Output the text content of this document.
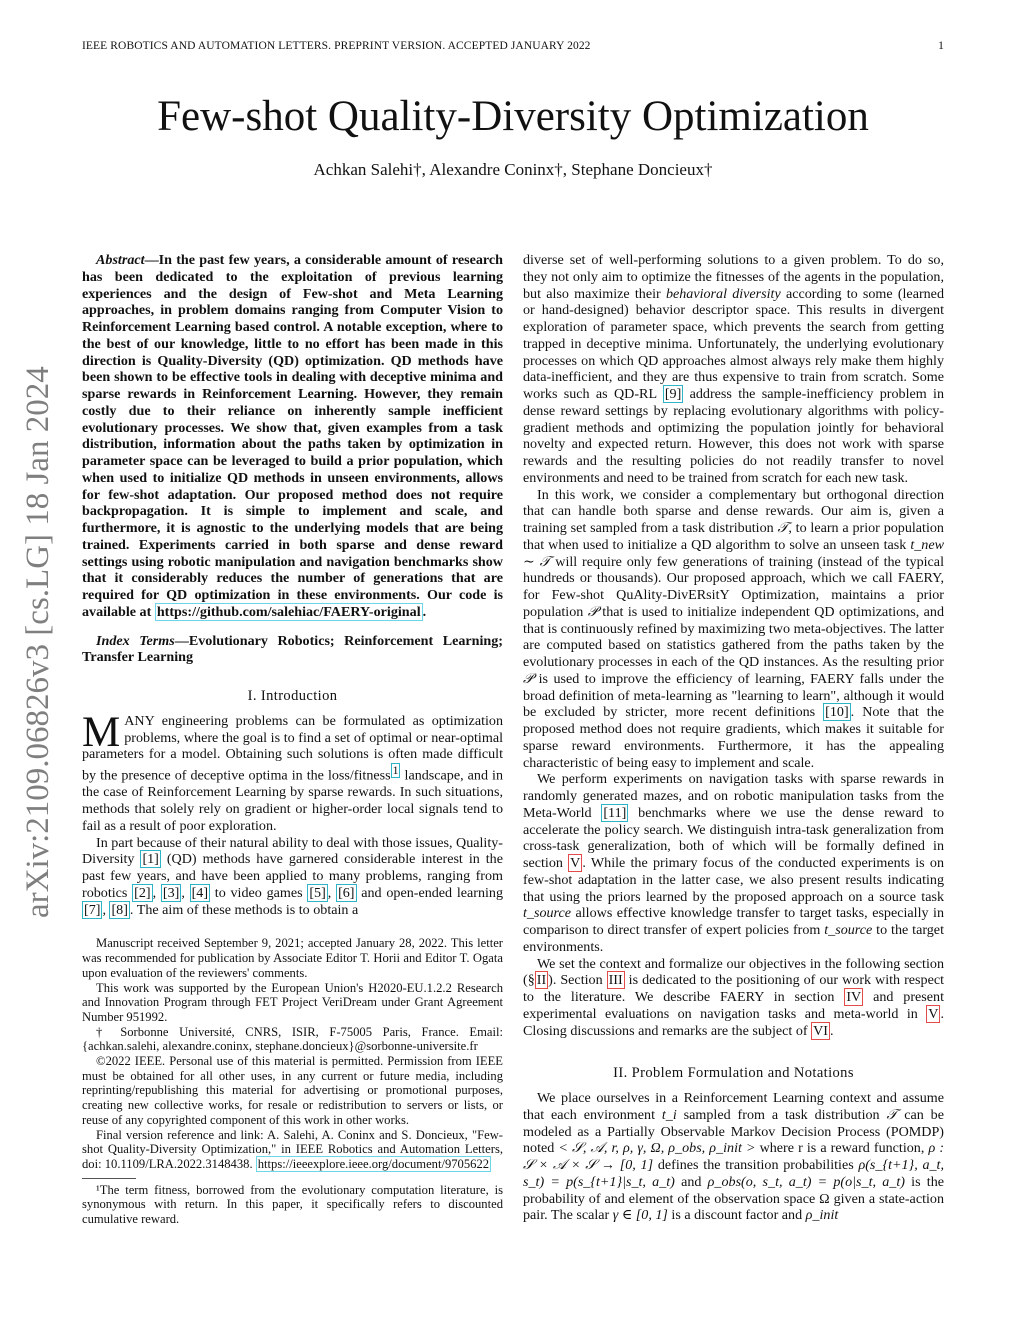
IEEE ROBOTICS AND AUTOMATION LETTERS. PREPRINT VERSION. ACCEPTED JANUARY 2022	1
arXiv:2109.06826v3 [cs.LG] 18 Jan 2024
Few-shot Quality-Diversity Optimization
Achkan Salehi†, Alexandre Coninx†, Stephane Doncieux†

Abstract—In the past few years, a considerable amount of research has been dedicated to the exploitation of previous learning experiences and the design of Few-shot and Meta Learning approaches, in problem domains ranging from Computer Vision to Reinforcement Learning based control. A notable exception, where to the best of our knowledge, little to no effort has been made in this direction is Quality-Diversity (QD) optimization. QD methods have been shown to be effective tools in dealing with deceptive minima and sparse rewards in Reinforcement Learning. However, they remain costly due to their reliance on inherently sample inefficient evolutionary processes. We show that, given examples from a task distribution, information about the paths taken by optimization in parameter space can be leveraged to build a prior population, which when used to initialize QD methods in unseen environments, allows for few-shot adaptation. Our proposed method does not require backpropagation. It is simple to implement and scale, and furthermore, it is agnostic to the underlying models that are being trained. Experiments carried in both sparse and dense reward settings using robotic manipulation and navigation benchmarks show that it considerably reduces the number of generations that are required for QD optimization in these environments. Our code is available at https://github.com/salehiac/FAERY-original .

Index Terms—Evolutionary Robotics; Reinforcement Learning; Transfer Learning

I. Introduction

MANY engineering problems can be formulated as optimization problems, where the goal is to find a set of optimal or near-optimal parameters for a model. Obtaining such solutions is often made difficult by the presence of deceptive optima in the loss/fitness $^1$ landscape, and in the case of Reinforcement Learning by sparse rewards. In such situations, methods that solely rely on gradient or higher-order local signals tend to fail as a result of poor exploration.

In part because of their natural ability to deal with those issues, Quality-Diversity [1] (QD) methods have garnered considerable interest in the past few years, and have been applied to many problems, ranging from robotics [2] , [3] , [4] to video games [5] , [6] and open-ended learning [7] , [8] . The aim of these methods is to obtain a

Manuscript received September 9, 2021; accepted January 28, 2022. This letter was recommended for publication by Associate Editor T. Horii and Editor T. Ogata upon evaluation of the reviewers' comments.

This work was supported by the European Union's H2020-EU.1.2.2 Research and Innovation Program through FET Project VeriDream under Grant Agreement Number 951992.

† Sorbonne Université, CNRS, ISIR, F-75005 Paris, France. Email: {achkan.salehi, alexandre.coninx, stephane.doncieux}@sorbonne-universite.fr

©2022 IEEE. Personal use of this material is permitted. Permission from IEEE must be obtained for all other uses, in any current or future media, including reprinting/republishing this material for advertising or promotional purposes, creating new collective works, for resale or redistribution to servers or lists, or reuse of any copyrighted component of this work in other works.

Final version reference and link: A. Salehi, A. Coninx and S. Doncieux, "Few-shot Quality-Diversity Optimization," in IEEE Robotics and Automation Letters, doi: 10.1109/LRA.2022.3148438. https://ieeexplore.ieee.org/document/9705622

¹The term fitness, borrowed from the evolutionary computation literature, is synonymous with return. In this paper, it specifically refers to discounted cumulative reward.

diverse set of well-performing solutions to a given problem. To do so, they not only aim to optimize the fitnesses of the agents in the population, but also maximize their behavioral diversity according to some (learned or hand-designed) behavior descriptor space. This results in divergent exploration of parameter space, which prevents the search from getting trapped in deceptive minima. Unfortunately, the underlying evolutionary processes on which QD approaches almost always rely make them highly data-inefficient, and they are thus expensive to train from scratch. Some works such as QD-RL [9] address the sample-inefficiency problem in dense reward settings by replacing evolutionary algorithms with policy-gradient methods and optimizing the population jointly for behavioral novelty and expected return. However, this does not work with sparse rewards and the resulting policies do not readily transfer to novel environments and need to be trained from scratch for each new task.

In this work, we consider a complementary but orthogonal direction that can handle both sparse and dense rewards. Our aim is, given a training set sampled from a task distribution 𝒯, to learn a prior population that when used to initialize a QD algorithm to solve an unseen task t_new ∼ 𝒯 will require only few generations of training (instead of the typical hundreds or thousands). Our proposed approach, which we call FAERY, for Few-shot QuAlity-DivERsitY Optimization, maintains a prior population 𝒫 that is used to initialize independent QD optimizations, and that is continuously refined by maximizing two meta-objectives. The latter are computed based on statistics gathered from the paths taken by the evolutionary processes in each of the QD instances. As the resulting prior 𝒫 is used to improve the efficiency of learning, FAERY falls under the broad definition of meta-learning as "learning to learn", although it would be excluded by stricter, more recent definitions [10] . Note that the proposed method does not require gradients, which makes it suitable for sparse reward environments. Furthermore, it has the appealing characteristic of being easy to implement and scale.

We perform experiments on navigation tasks with sparse rewards in randomly generated mazes, and on robotic manipulation tasks from the Meta-World [11] benchmarks where we use the dense reward to accelerate the policy search. We distinguish intra-task generalization from cross-task generalization, both of which will be formally defined in section V . While the primary focus of the conducted experiments is on few-shot adaptation in the latter case, we also present results indicating that using the priors learned by the proposed approach on a source task t_source allows effective knowledge transfer to target tasks, especially in comparison to direct transfer of expert policies from t_source to the target environments.

We set the context and formalize our objectives in the following section (§ II ). Section III is dedicated to the positioning of our work with respect to the literature. We describe FAERY in section IV and present experimental evaluations on navigation tasks and meta-world in V . Closing discussions and remarks are the subject of VI .

II. Problem Formulation and Notations

We place ourselves in a Reinforcement Learning context and assume that each environment t_i sampled from a task distribution 𝒯 can be modeled as a Partially Observable Markov Decision Process (POMDP) noted < 𝒮, 𝒜, r, ρ, γ, Ω, ρ_obs, ρ_init > where r is a reward function, ρ : 𝒮 × 𝒜 × 𝒮 → [0, 1] defines the transition probabilities ρ(s_{t+1}, a_t, s_t) = p(s_{t+1}|s_t, a_t) and ρ_obs(o, s_t, a_t) = p(o|s_t, a_t) is the probability of and element of the observation space Ω given a state-action pair. The scalar γ ∈ [0, 1] is a discount factor and ρ_init
